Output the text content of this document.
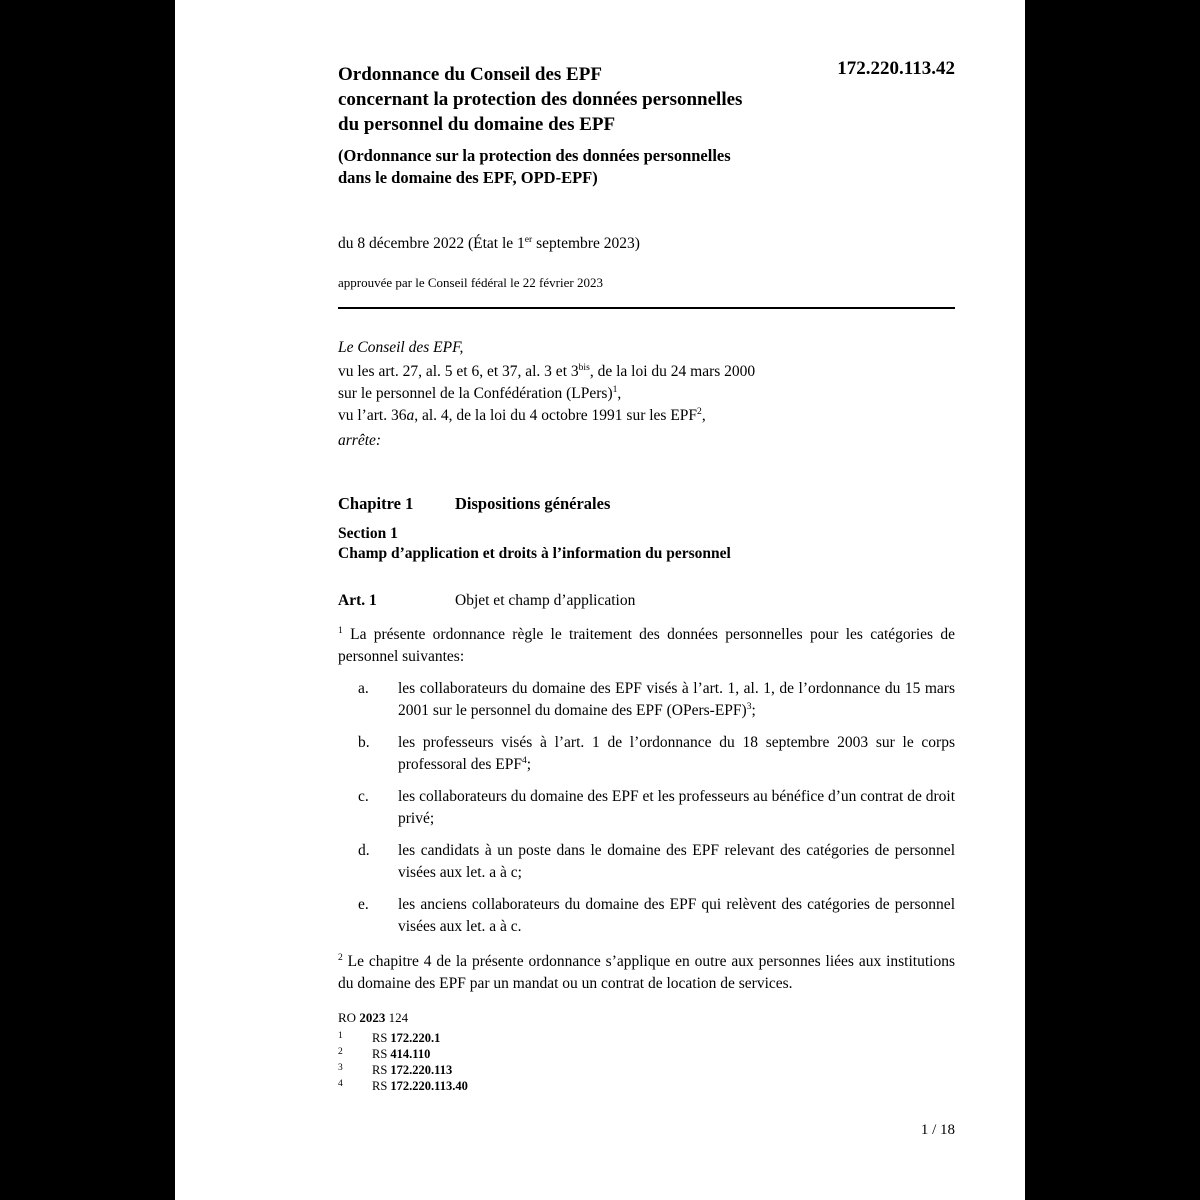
172.220.113.42
Ordonnance du Conseil des EPF
concernant la protection des données personnelles
du personnel du domaine des EPF
(Ordonnance sur la protection des données personnelles
dans le domaine des EPF, OPD-EPF)
du 8 décembre 2022 (État le 1er septembre 2023)
approuvée par le Conseil fédéral le 22 février 2023
Le Conseil des EPF,
vu les art. 27, al. 5 et 6, et 37, al. 3 et $3^{bis}$, de la loi du 24 mars 2000
sur le personnel de la Confédération (LPers)$^1$,
vu l’art. 36a, al. 4, de la loi du 4 octobre 1991 sur les EPF$^2$,
arrête:
Chapitre 1	Dispositions générales
Section 1
Champ d’application et droits à l’information du personnel
Art. 1	Objet et champ d’application
$^1$ La présente ordonnance règle le traitement des données personnelles pour les catégories de personnel suivantes:
a.	les collaborateurs du domaine des EPF visés à l’art. 1, al. 1, de l’ordonnance du 15 mars 2001 sur le personnel du domaine des EPF (OPers-EPF)$^3$;
b.	les professeurs visés à l’art. 1 de l’ordonnance du 18 septembre 2003 sur le corps professoral des EPF$^4$;
c.	les collaborateurs du domaine des EPF et les professeurs au bénéfice d’un contrat de droit privé;
d.	les candidats à un poste dans le domaine des EPF relevant des catégories de personnel visées aux let. a à c;
e.	les anciens collaborateurs du domaine des EPF qui relèvent des catégories de personnel visées aux let. a à c.
$^2$ Le chapitre 4 de la présente ordonnance s’applique en outre aux personnes liées aux institutions du domaine des EPF par un mandat ou un contrat de location de services.
RO 2023 124
1 RS 172.220.1
2 RS 414.110
3 RS 172.220.113
4 RS 172.220.113.40
1 / 18
